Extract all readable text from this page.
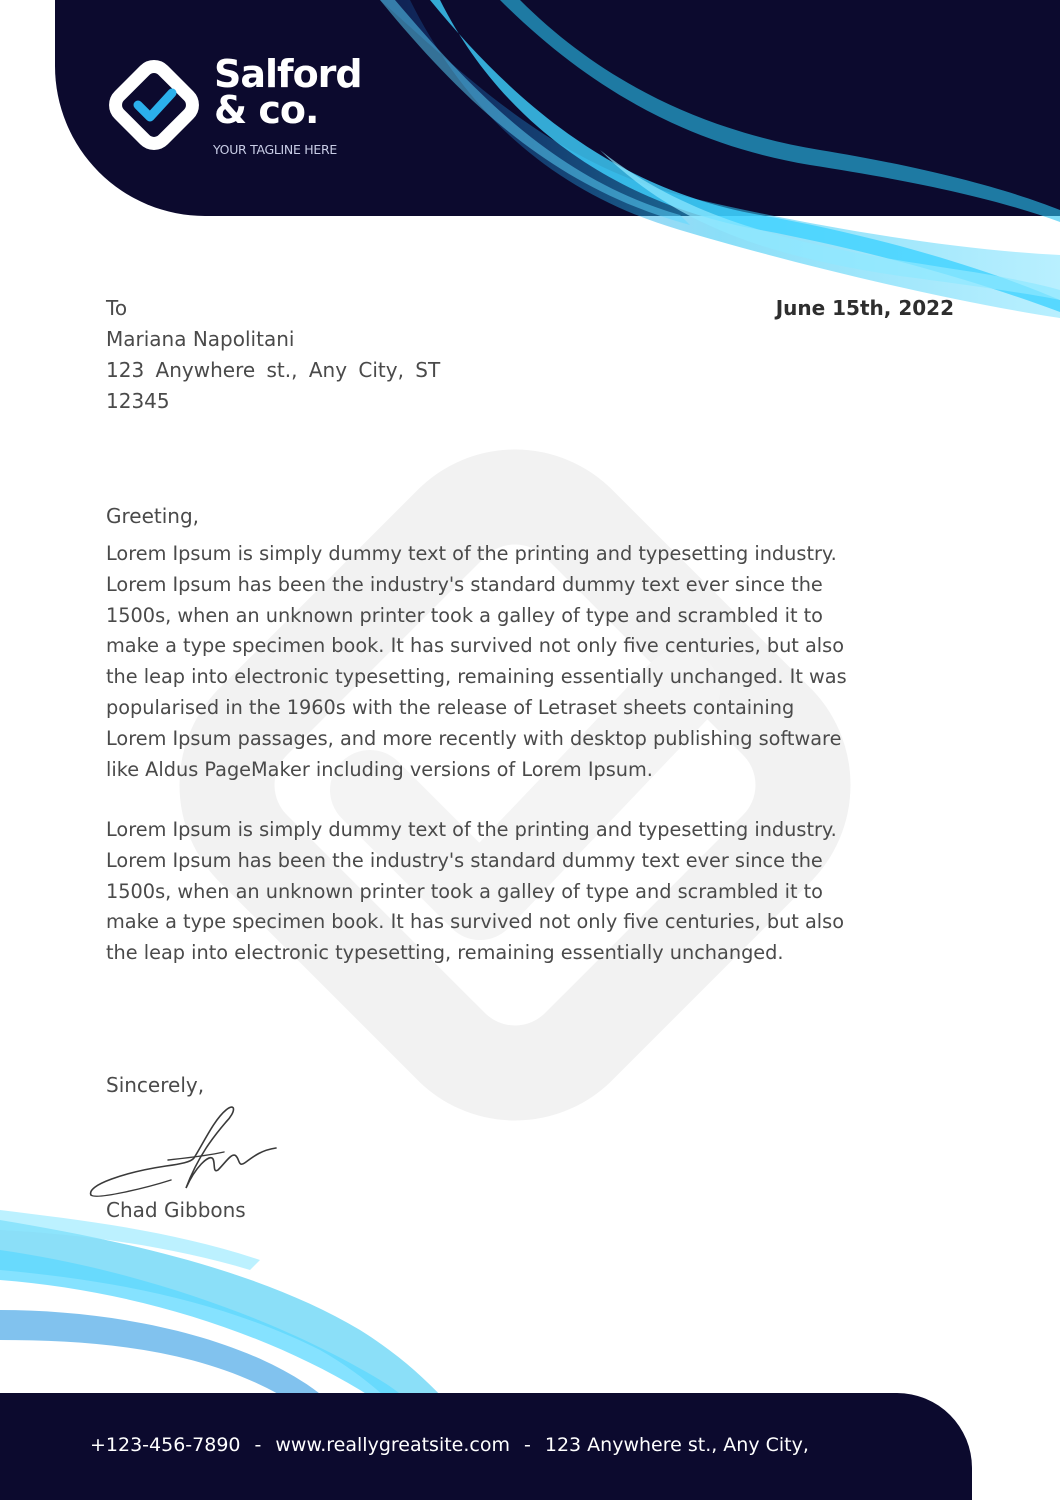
Salford
& co.
YOUR TAGLINE HERE
To
Mariana Napolitani
123 Anywhere st., Any City, ST
12345
June 15th, 2022
Greeting,
Lorem Ipsum is simply dummy text of the printing and typesetting industry.
Lorem Ipsum has been the industry's standard dummy text ever since the
1500s, when an unknown printer took a galley of type and scrambled it to
make a type specimen book. It has survived not only five centuries, but also
the leap into electronic typesetting, remaining essentially unchanged. It was
popularised in the 1960s with the release of Letraset sheets containing
Lorem Ipsum passages, and more recently with desktop publishing software
like Aldus PageMaker including versions of Lorem Ipsum.
Lorem Ipsum is simply dummy text of the printing and typesetting industry.
Lorem Ipsum has been the industry's standard dummy text ever since the
1500s, when an unknown printer took a galley of type and scrambled it to
make a type specimen book. It has survived not only five centuries, but also
the leap into electronic typesetting, remaining essentially unchanged.
Sincerely,
Chad Gibbons
+123-456-7890 - www.reallygreatsite.com - 123 Anywhere st., Any City,
